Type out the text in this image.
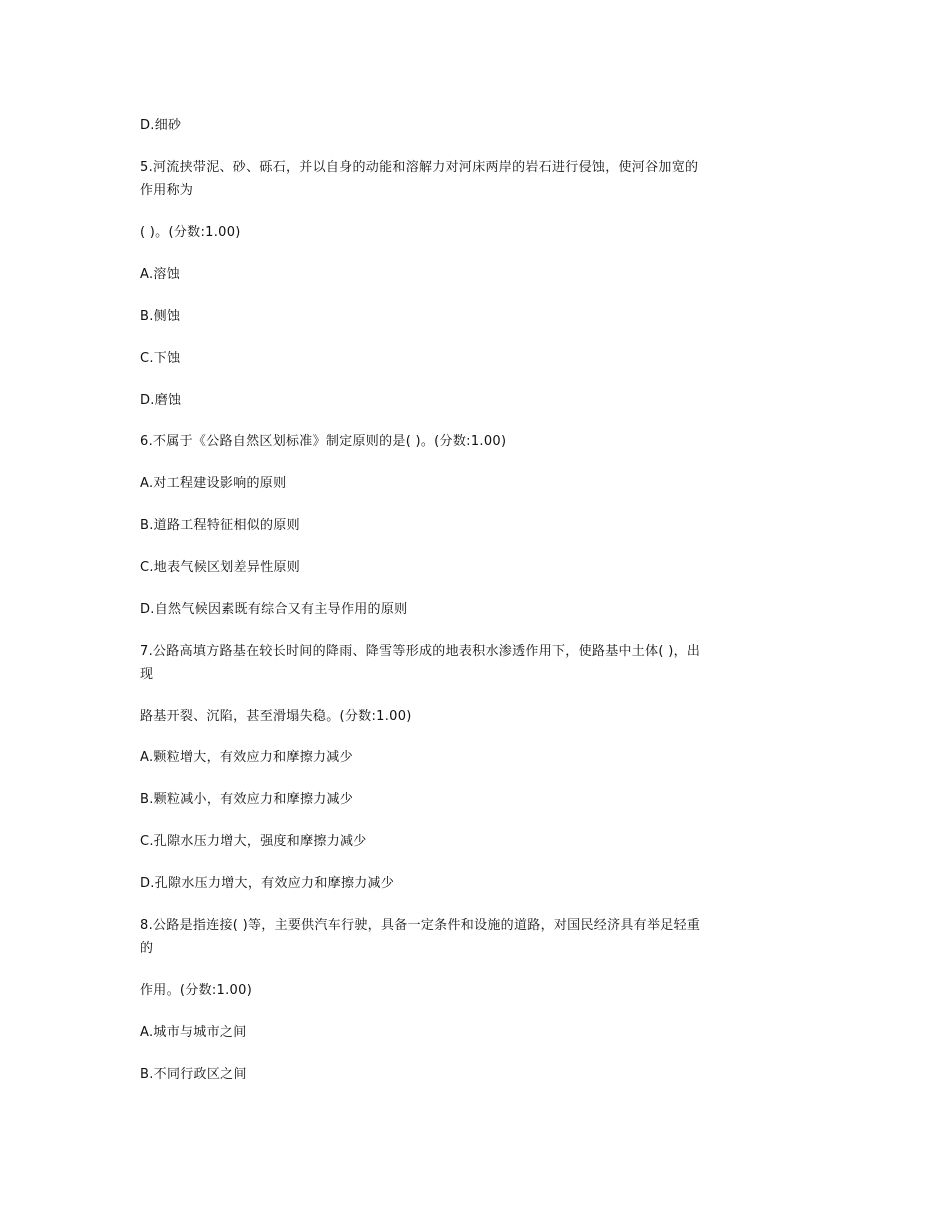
D.细砂
5.河流挟带泥、砂、砾石，并以自身的动能和溶解力对河床两岸的岩石进行侵蚀，使河谷加宽的
作用称为
( )。(分数:1.00)
A.溶蚀
B.侧蚀
C.下蚀
D.磨蚀
6.不属于《公路自然区划标准》制定原则的是( )。(分数:1.00)
A.对工程建设影响的原则
B.道路工程特征相似的原则
C.地表气候区划差异性原则
D.自然气候因素既有综合又有主导作用的原则
7.公路高填方路基在较长时间的降雨、降雪等形成的地表积水渗透作用下，使路基中土体( )，出
现
路基开裂、沉陷，甚至滑塌失稳。(分数:1.00)
A.颗粒增大，有效应力和摩擦力减少
B.颗粒减小，有效应力和摩擦力减少
C.孔隙水压力增大，强度和摩擦力减少
D.孔隙水压力增大，有效应力和摩擦力减少
8.公路是指连接( )等，主要供汽车行驶，具备一定条件和设施的道路，对国民经济具有举足轻重
的
作用。(分数:1.00)
A.城市与城市之间
B.不同行政区之间
